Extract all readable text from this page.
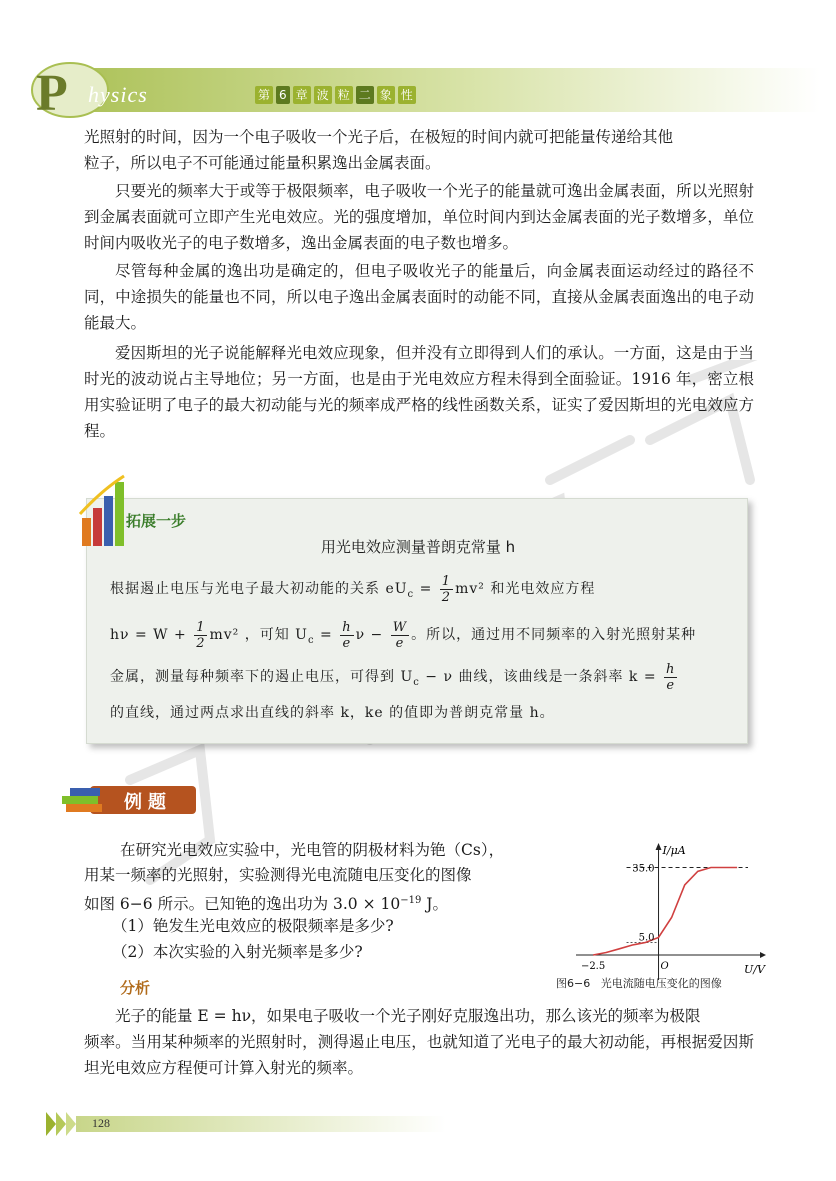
P hysics	第 6 章 波 粒 二 象 性

光照射的时间，因为一个电子吸收一个光子后，在极短的时间内就可把能量传递给其他

粒子，所以电子不可能通过能量积累逸出金属表面。

只要光的频率大于或等于极限频率，电子吸收一个光子的能量就可逸出金属表面，所以光照射到金属表面就可立即产生光电效应。光的强度增加，单位时间内到达金属表面的光子数增多，单位时间内吸收光子的电子数增多，逸出金属表面的电子数也增多。

尽管每种金属的逸出功是确定的，但电子吸收光子的能量后，向金属表面运动经过的路径不同，中途损失的能量也不同，所以电子逸出金属表面时的动能不同，直接从金属表面逸出的电子动能最大。

爱因斯坦的光子说能解释光电效应现象，但并没有立即得到人们的承认。一方面，这是由于当时光的波动说占主导地位；另一方面，也是由于光电效应方程未得到全面验证。1916 年，密立根用实验证明了电子的最大初动能与光的频率成严格的线性函数关系，证实了爱因斯坦的光电效应方程。

拓展一步
用光电效应测量普朗克常量 h
根据遏止电压与光电子最大初动能的关系 $eU_c = \frac{1}{2} mv^2$ 和光电效应方程
$h\nu = W + \frac{1}{2} mv^2$ ，可知 $U_c = \frac{h}{e}$ $\nu - \frac{W}{e}$ 。所以，通过用不同频率的入射光照射某种
金属，测量每种频率下的遏止电压，可得到 $U_c - \nu$ 曲线，该曲线是一条斜率 $k = \frac{h}{e}$
的直线，通过两点求出直线的斜率 k，ke 的值即为普朗克常量 h。
例题

在研究光电效应实验中，光电管的阴极材料为铯（Cs），

用某一频率的光照射，实验测得光电流随电压变化的图像

如图 6−6 所示。已知铯的逸出功为 $3.0 \times 10^{-19}$ J。

（1）铯发生光电效应的极限频率是多少?

（2）本次实验的入射光频率是多少?

I/μA
U/V
35.0
5.0
−2.5	O
图6−6 光电流随电压变化的图像
分析

光子的能量 E = hν，如果电子吸收一个光子刚好克服逸出功，那么该光的频率为极限

频率。当用某种频率的光照射时，测得遏止电压，也就知道了光电子的最大初动能，再根据爱因斯坦光电效应方程便可计算入射光的频率。

128
